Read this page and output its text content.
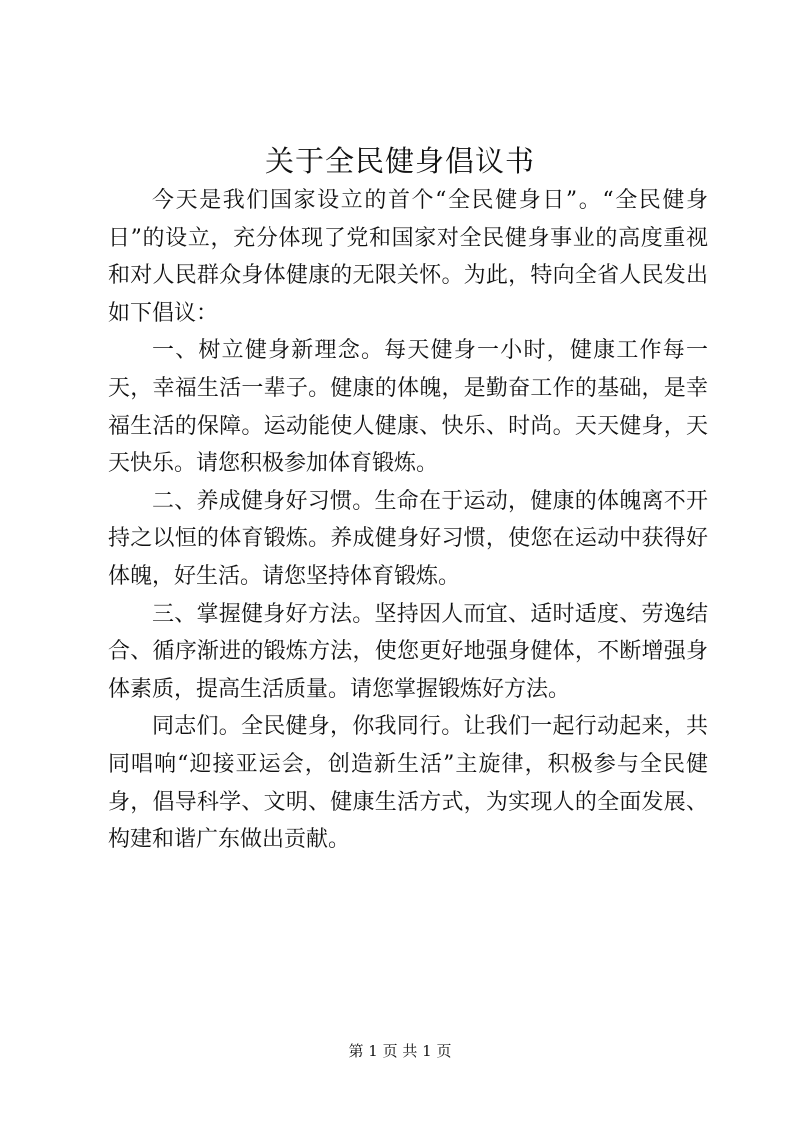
关于全民健身倡议书

今天是我们国家设立的首个“全民健身日”。“全民健身日”的设立，充分体现了党和国家对全民健身事业的高度重视和对人民群众身体健康的无限关怀。为此，特向全省人民发出如下倡议：

一、树立健身新理念。每天健身一小时，健康工作每一天，幸福生活一辈子。健康的体魄，是勤奋工作的基础，是幸福生活的保障。运动能使人健康、快乐、时尚。天天健身，天天快乐。请您积极参加体育锻炼。

二、养成健身好习惯。生命在于运动，健康的体魄离不开持之以恒的体育锻炼。养成健身好习惯，使您在运动中获得好体魄，好生活。请您坚持体育锻炼。

三、掌握健身好方法。坚持因人而宜、适时适度、劳逸结合、循序渐进的锻炼方法，使您更好地强身健体，不断增强身体素质，提高生活质量。请您掌握锻炼好方法。

同志们。全民健身，你我同行。让我们一起行动起来，共同唱响“迎接亚运会，创造新生活”主旋律，积极参与全民健身，倡导科学、文明、健康生活方式，为实现人的全面发展、构建和谐广东做出贡献。

第 1 页 共 1 页
